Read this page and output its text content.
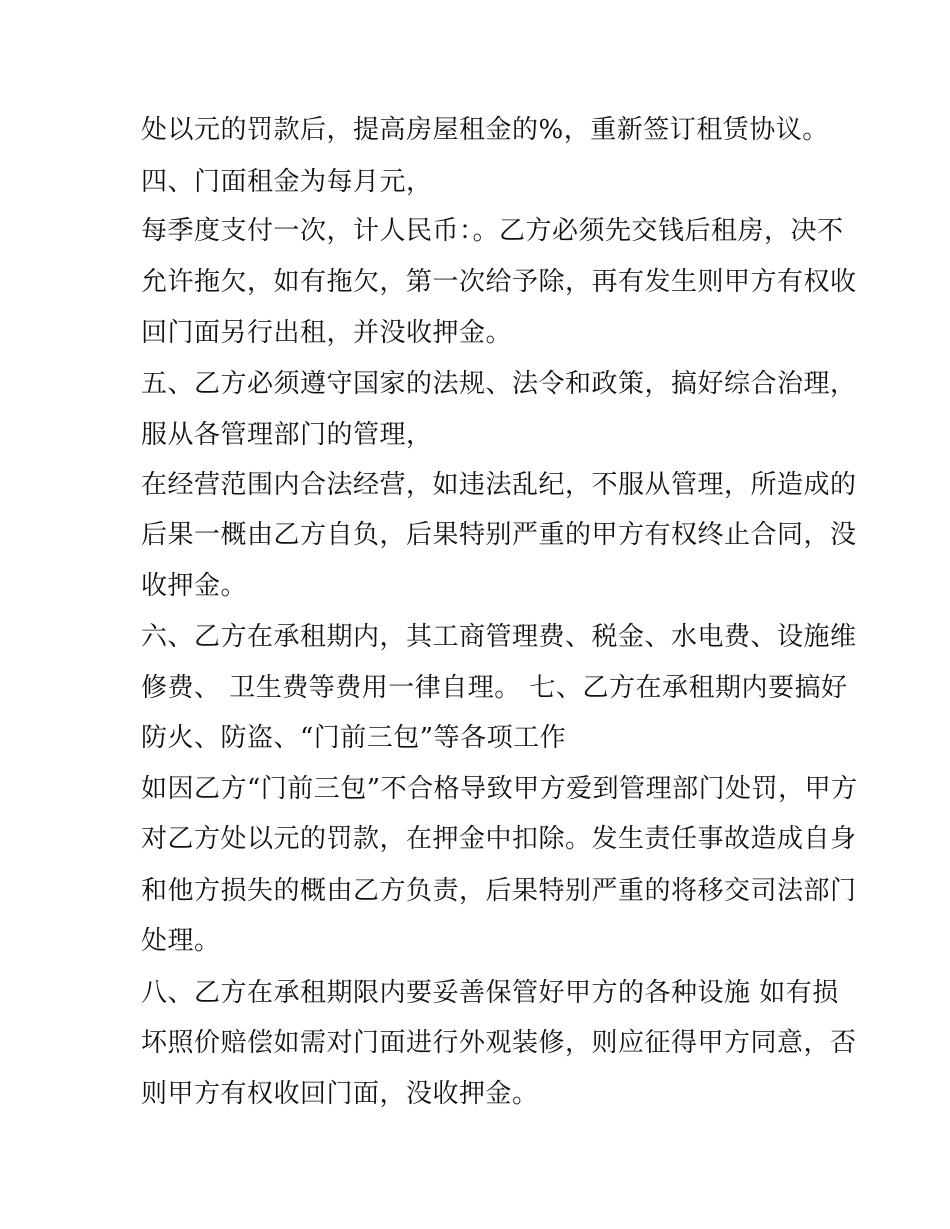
处以元的罚款后，提高房屋租金的%，重新签订租赁协议。
四、门面租金为每月元，
每季度支付一次，计人民币：。乙方必须先交钱后租房，决不
允许拖欠，如有拖欠，第一次给予除，再有发生则甲方有权收
回门面另行出租，并没收押金。
五、乙方必须遵守国家的法规、法令和政策，搞好综合治理，
服从各管理部门的管理，
在经营范围内合法经营，如违法乱纪，不服从管理，所造成的
后果一概由乙方自负，后果特别严重的甲方有权终止合同，没
收押金。
六、乙方在承租期内，其工商管理费、税金、水电费、设施维
修费、 卫生费等费用一律自理。 七、乙方在承租期内要搞好
防火、防盗、“门前三包”等各项工作
如因乙方“门前三包”不合格导致甲方爱到管理部门处罚，甲方
对乙方处以元的罚款，在押金中扣除。发生责任事故造成自身
和他方损失的概由乙方负责，后果特别严重的将移交司法部门
处理。
八、乙方在承租期限内要妥善保管好甲方的各种设施 如有损
坏照价赔偿如需对门面进行外观装修，则应征得甲方同意，否
则甲方有权收回门面，没收押金。
